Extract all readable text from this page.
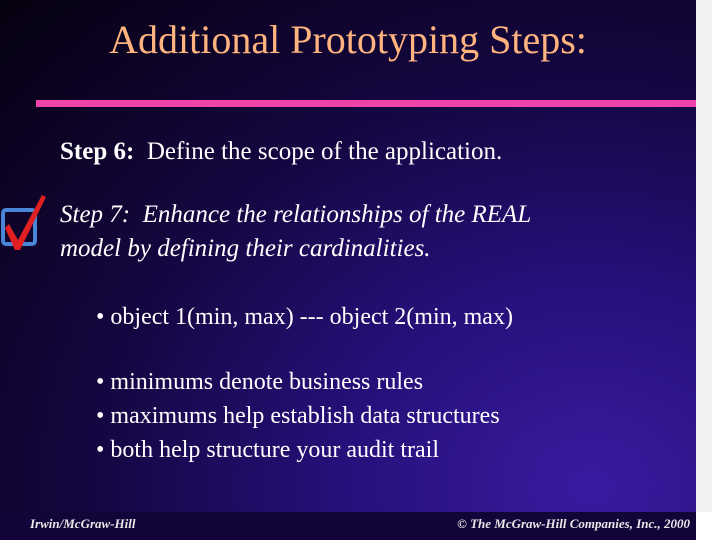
Additional Prototyping Steps:
Step 6: Define the scope of the application.
Step 7: Enhance the relationships of the REAL
model by defining their cardinalities.
• object 1(min, max) --- object 2(min, max)
• minimums denote business rules
• maximums help establish data structures
• both help structure your audit trail
Irwin/McGraw-Hill	© The McGraw-Hill Companies, Inc., 2000
